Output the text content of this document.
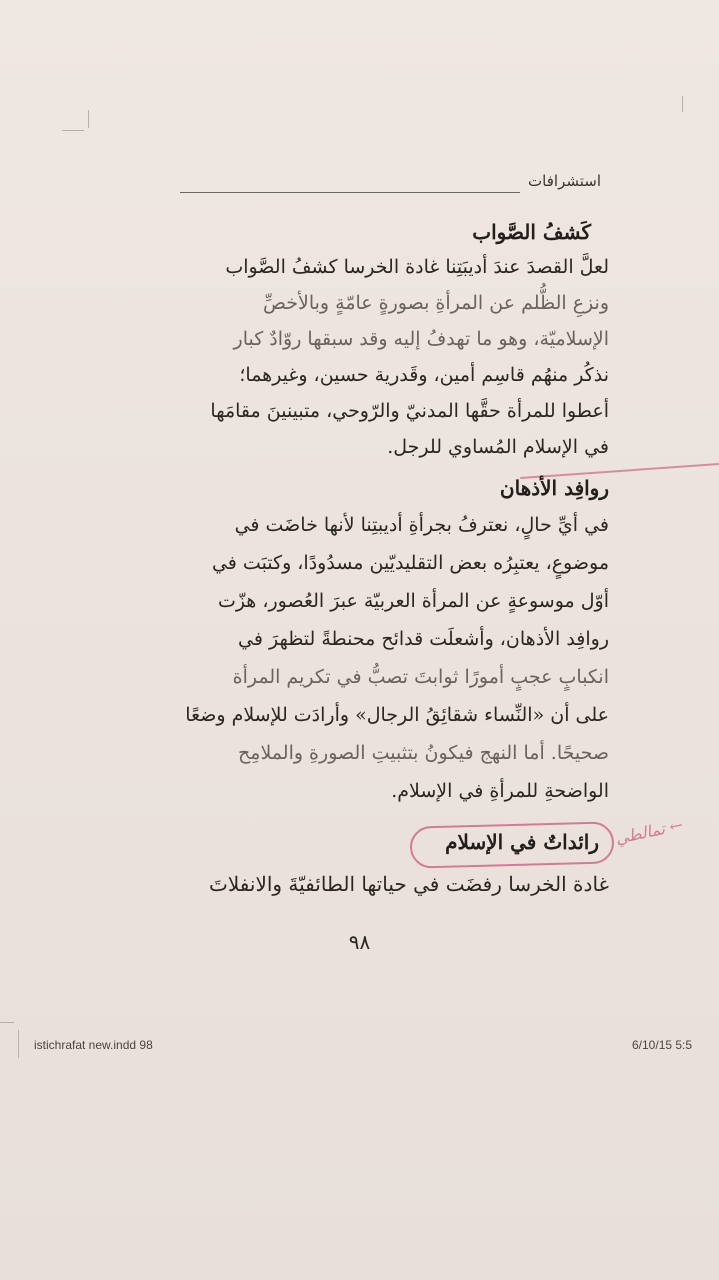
استشرافات
كَشفُ الصَّواب
لعلَّ القصدَ عندَ أديبَتِنا غادة الخرسا كشفُ الصَّواب
ونزعِ الظُّلم عن المرأةِ بصورةٍ عامّةٍ وبالأخصِّ
الإسلاميّة، وهو ما تهدفُ إليه وقد سبقها روّادٌ كبار
نذكُر منهُم قاسِم أمين، وقَدرية حسين، وغيرهما؛
أعطوا للمرأة حقَّها المدنيّ والرّوحي، متبينينَ مقامَها
في الإسلام المُساوي للرجل.
روافِد الأذهان
في أيِّ حالٍ، نعترفُ بجرأةِ أديبتِنا لأنها خاضَت في
موضوعٍ، يعتبِرُه بعض التقليديّين مسدُودًا، وكتبَت في
أوّل موسوعةٍ عن المرأة العربيّة عبرَ العُصور، هزّت
روافِد الأذهان، وأشعلَت قدائح محنطةً لتظهرَ في
انكبابٍ عجبٍ أمورًا ثوابتَ تصبُّ في تكريم المرأة
على أن «النِّساء شقائِقُ الرجال» وأرادَت للإسلام وضعًا
صحيحًا. أما النهج فيكونُ بتثبيتِ الصورةِ والملامِح
الواضحةِ للمرأةِ في الإسلام.
تمالطي ←
رائداتٌ في الإسلام
غادة الخرسا رفضَت في حياتها الطائفيّةَ والانفلاتَ
٩٨
istichrafat new.indd 98	6/10/15 5:5
